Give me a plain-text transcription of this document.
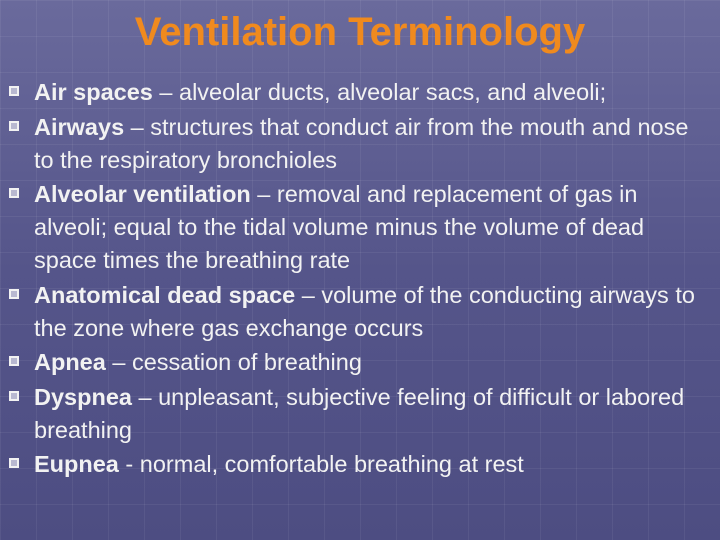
Ventilation Terminology
Air spaces – alveolar ducts, alveolar sacs, and alveoli;
Airways – structures that conduct air from the mouth and nose to the respiratory bronchioles
Alveolar ventilation – removal and replacement of gas in alveoli; equal to the tidal volume minus the volume of dead space times the breathing rate
Anatomical dead space – volume of the conducting airways to the zone where gas exchange occurs
Apnea – cessation of breathing
Dyspnea – unpleasant, subjective feeling of difficult or labored breathing
Eupnea - normal, comfortable breathing at rest
